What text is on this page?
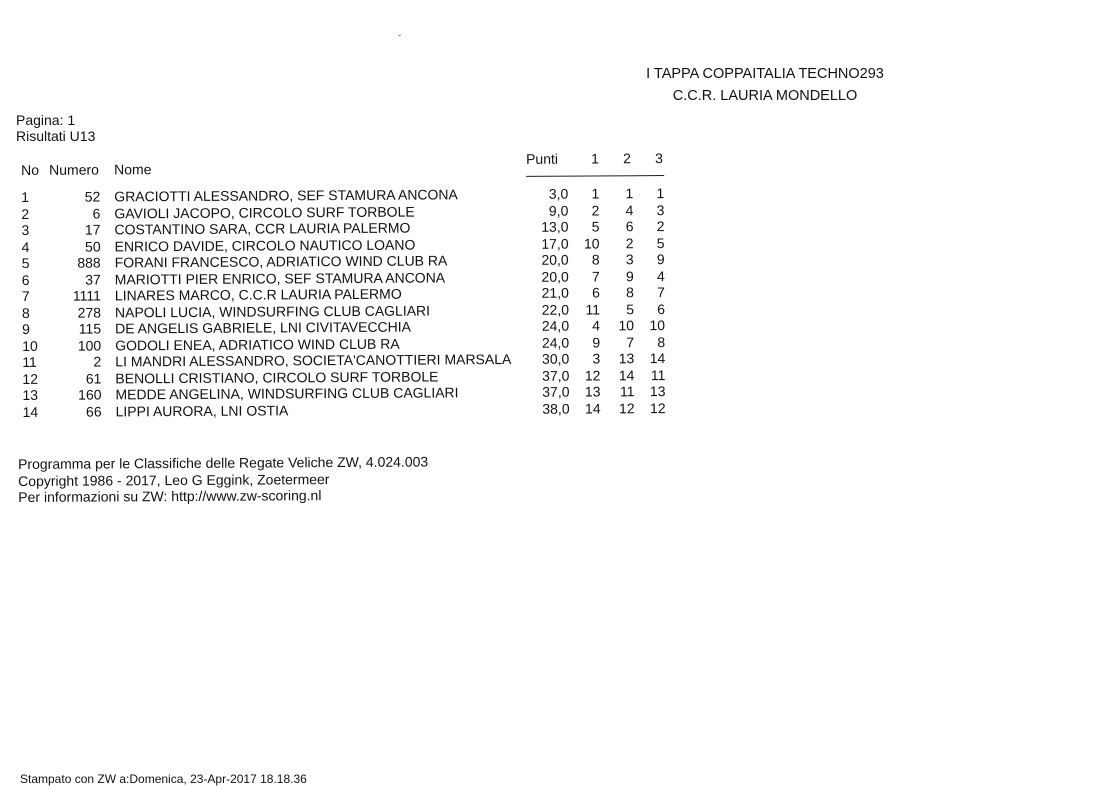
I TAPPA COPPAITALIA TECHNO293
C.C.R. LAURIA MONDELLO
Pagina: 1
Risultati U13
No Numero Nome
Punti 1 2 3
1	52 GRACIOTTI ALESSANDRO, SEF STAMURA ANCONA	3,0	1	1	1
2	6 GAVIOLI JACOPO, CIRCOLO SURF TORBOLE	9,0	2	4	3
3	17 COSTANTINO SARA, CCR LAURIA PALERMO	13,0	5	6	2
4	50 ENRICO DAVIDE, CIRCOLO NAUTICO LOANO	17,0 10	2	5
5	888 FORANI FRANCESCO, ADRIATICO WIND CLUB RA	20,0	8	3	9
6	37 MARIOTTI PIER ENRICO, SEF STAMURA ANCONA	20,0	7	9	4
7	1111 LINARES MARCO, C.C.R LAURIA PALERMO	21,0	6	8	7
8	278 NAPOLI LUCIA, WINDSURFING CLUB CAGLIARI	22,0 11	5	6
9	115 DE ANGELIS GABRIELE, LNI CIVITAVECCHIA	24,0	4	10	10
10	100 GODOLI ENEA, ADRIATICO WIND CLUB RA	24,0	9	7	8
11	2 LI MANDRI ALESSANDRO, SOCIETA'CANOTTIERI MARSALA	30,0	3	13	14
12	61 BENOLLI CRISTIANO, CIRCOLO SURF TORBOLE	37,0 12	14	11
13	160 MEDDE ANGELINA, WINDSURFING CLUB CAGLIARI	37,0 13	11	13
14	66 LIPPI AURORA, LNI OSTIA	38,0 14	12	12
Programma per le Classifiche delle Regate Veliche ZW, 4.024.003
Copyright 1986 - 2017, Leo G Eggink, Zoetermeer
Per informazioni su ZW: http://www.zw-scoring.nl
Stampato con ZW a:Domenica, 23-Apr-2017 18.18.36
